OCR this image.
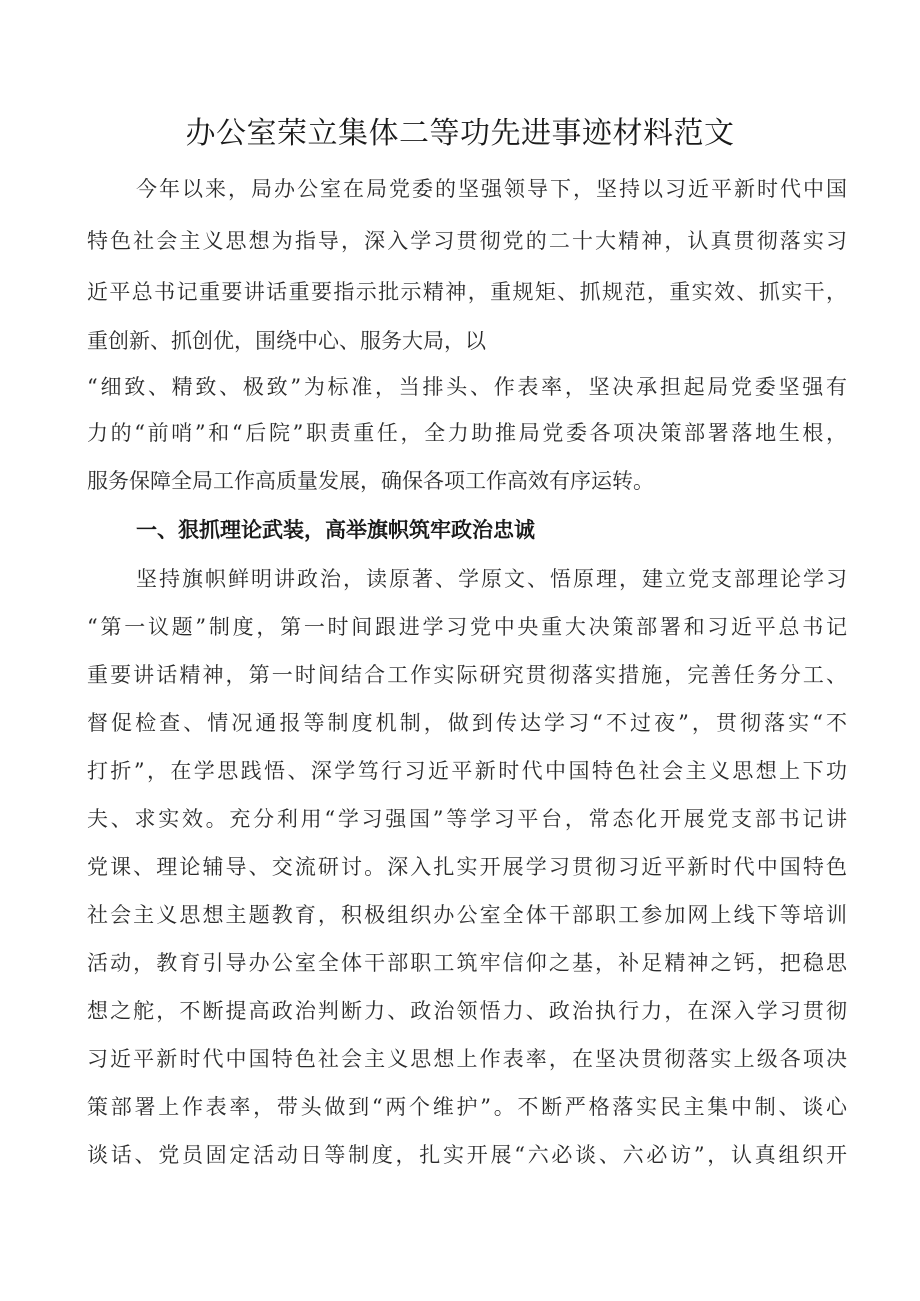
办公室荣立集体二等功先进事迹材料范文
今年以来，局办公室在局党委的坚强领导下，坚持以习近平新时代中国
特色社会主义思想为指导，深入学习贯彻党的二十大精神，认真贯彻落实习
近平总书记重要讲话重要指示批示精神，重规矩、抓规范，重实效、抓实干，
重创新、抓创优，围绕中心、服务大局，以
“细致、精致、极致”为标准，当排头、作表率，坚决承担起局党委坚强有
力的“前哨”和“后院”职责重任，全力助推局党委各项决策部署落地生根，
服务保障全局工作高质量发展，确保各项工作高效有序运转。
一、狠抓理论武装，高举旗帜筑牢政治忠诚
坚持旗帜鲜明讲政治，读原著、学原文、悟原理，建立党支部理论学习
“第一议题”制度，第一时间跟进学习党中央重大决策部署和习近平总书记
重要讲话精神，第一时间结合工作实际研究贯彻落实措施，完善任务分工、
督促检查、情况通报等制度机制，做到传达学习“不过夜”，贯彻落实“不
打折”，在学思践悟、深学笃行习近平新时代中国特色社会主义思想上下功
夫、求实效。充分利用“学习强国”等学习平台，常态化开展党支部书记讲
党课、理论辅导、交流研讨。深入扎实开展学习贯彻习近平新时代中国特色
社会主义思想主题教育，积极组织办公室全体干部职工参加网上线下等培训
活动，教育引导办公室全体干部职工筑牢信仰之基，补足精神之钙，把稳思
想之舵，不断提高政治判断力、政治领悟力、政治执行力，在深入学习贯彻
习近平新时代中国特色社会主义思想上作表率，在坚决贯彻落实上级各项决
策部署上作表率，带头做到“两个维护”。不断严格落实民主集中制、谈心
谈话、党员固定活动日等制度，扎实开展“六必谈、六必访”，认真组织开
